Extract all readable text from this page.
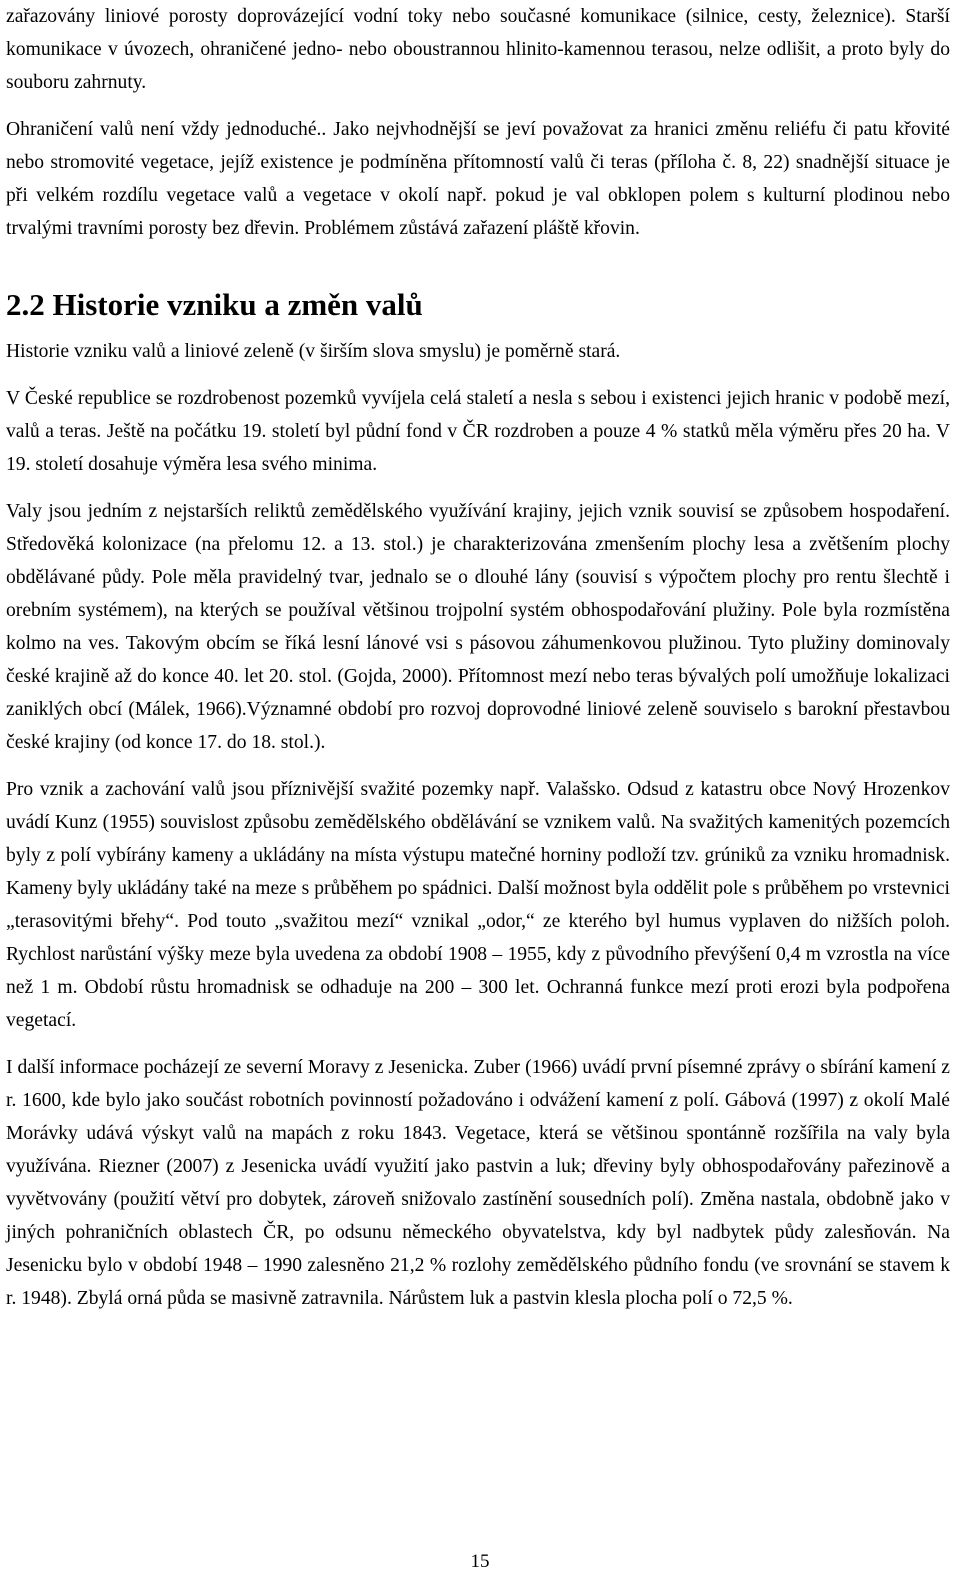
zařazovány liniové porosty doprovázející vodní toky nebo současné komunikace (silnice, cesty, železnice). Starší komunikace v úvozech, ohraničené jedno- nebo oboustrannou hlinito-kamennou terasou, nelze odlišit, a proto byly do souboru zahrnuty.

Ohraničení valů není vždy jednoduché.. Jako nejvhodnější se jeví považovat za hranici změnu reliéfu či patu křovité nebo stromovité vegetace, jejíž existence je podmíněna přítomností valů či teras (příloha č. 8, 22) snadnější situace je při velkém rozdílu vegetace valů a vegetace v okolí např. pokud je val obklopen polem s kulturní plodinou nebo trvalými travními porosty bez dřevin. Problémem zůstává zařazení pláště křovin.

2.2 Historie vzniku a změn valů

Historie vzniku valů a liniové zeleně (v širším slova smyslu) je poměrně stará.

V České republice se rozdrobenost pozemků vyvíjela celá staletí a nesla s sebou i existenci jejich hranic v podobě mezí, valů a teras. Ještě na počátku 19. století byl půdní fond v ČR rozdroben a pouze 4 % statků měla výměru přes 20 ha. V 19. století dosahuje výměra lesa svého minima.

Valy jsou jedním z nejstarších reliktů zemědělského využívání krajiny, jejich vznik souvisí se způsobem hospodaření. Středověká kolonizace (na přelomu 12. a 13. stol.) je charakterizována zmenšením plochy lesa a zvětšením plochy obdělávané půdy. Pole měla pravidelný tvar, jednalo se o dlouhé lány (souvisí s výpočtem plochy pro rentu šlechtě i orebním systémem), na kterých se používal většinou trojpolní systém obhospodařování plužiny. Pole byla rozmístěna kolmo na ves. Takovým obcím se říká lesní lánové vsi s pásovou záhumenkovou plužinou. Tyto plužiny dominovaly české krajině až do konce 40. let 20. stol. (Gojda, 2000). Přítomnost mezí nebo teras bývalých polí umožňuje lokalizaci zaniklých obcí (Málek, 1966).Významné období pro rozvoj doprovodné liniové zeleně souviselo s barokní přestavbou české krajiny (od konce 17. do 18. stol.).

Pro vznik a zachování valů jsou příznivější svažité pozemky např. Valašsko. Odsud z katastru obce Nový Hrozenkov uvádí Kunz (1955) souvislost způsobu zemědělského obdělávání se vznikem valů. Na svažitých kamenitých pozemcích byly z polí vybírány kameny a ukládány na místa výstupu matečné horniny podloží tzv. grúniků za vzniku hromadnisk. Kameny byly ukládány také na meze s průběhem po spádnici. Další možnost byla oddělit pole s průběhem po vrstevnici „terasovitými břehy“. Pod touto „svažitou mezí“ vznikal „odor,“ ze kterého byl humus vyplaven do nižších poloh. Rychlost narůstání výšky meze byla uvedena za období 1908 – 1955, kdy z původního převýšení 0,4 m vzrostla na více než 1 m. Období růstu hromadnisk se odhaduje na 200 – 300 let. Ochranná funkce mezí proti erozi byla podpořena vegetací.

I další informace pocházejí ze severní Moravy z Jesenicka. Zuber (1966) uvádí první písemné zprávy o sbírání kamení z r. 1600, kde bylo jako součást robotních povinností požadováno i odvážení kamení z polí. Gábová (1997) z okolí Malé Morávky udává výskyt valů na mapách z roku 1843. Vegetace, která se většinou spontánně rozšířila na valy byla využívána. Riezner (2007) z Jesenicka uvádí využití jako pastvin a luk; dřeviny byly obhospodařovány pařezinově a vyvětvovány (použití větví pro dobytek, zároveň snižovalo zastínění sousedních polí). Změna nastala, obdobně jako v jiných pohraničních oblastech ČR, po odsunu německého obyvatelstva, kdy byl nadbytek půdy zalesňován. Na Jesenicku bylo v období 1948 – 1990 zalesněno 21,2 % rozlohy zemědělského půdního fondu (ve srovnání se stavem k r. 1948). Zbylá orná půda se masivně zatravnila. Nárůstem luk a pastvin klesla plocha polí o 72,5 %.

15
